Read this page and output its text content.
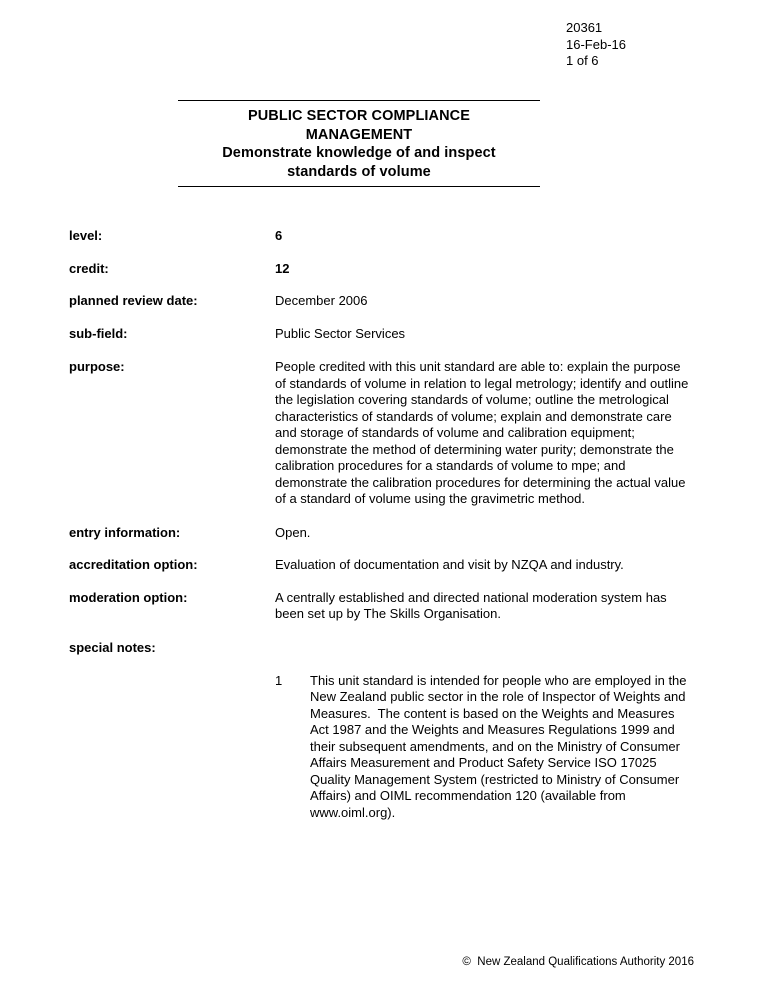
20361
16-Feb-16
1 of 6
PUBLIC SECTOR COMPLIANCE
MANAGEMENT
Demonstrate knowledge of and inspect
standards of volume
level:	6
credit:	12
planned review date:	December 2006
sub-field:	Public Sector Services
purpose:	People credited with this unit standard are able to: explain the purpose of standards of volume in relation to legal metrology; identify and outline the legislation covering standards of volume; outline the metrological characteristics of standards of volume; explain and demonstrate care and storage of standards of volume and calibration equipment; demonstrate the method of determining water purity; demonstrate the calibration procedures for a standards of volume to mpe; and demonstrate the calibration procedures for determining the actual value of a standard of volume using the gravimetric method.
entry information:	Open.
accreditation option:	Evaluation of documentation and visit by NZQA and industry.
moderation option:	A centrally established and directed national moderation system has been set up by The Skills Organisation.
special notes:

1	This unit standard is intended for people who are employed in the New Zealand public sector in the role of Inspector of Weights and Measures.  The content is based on the Weights and Measures Act 1987 and the Weights and Measures Regulations 1999 and their subsequent amendments, and on the Ministry of Consumer Affairs Measurement and Product Safety Service ISO 17025 Quality Management System (restricted to Ministry of Consumer Affairs) and OIML recommendation 120 (available from www.oiml.org).

©  New Zealand Qualifications Authority 2016
